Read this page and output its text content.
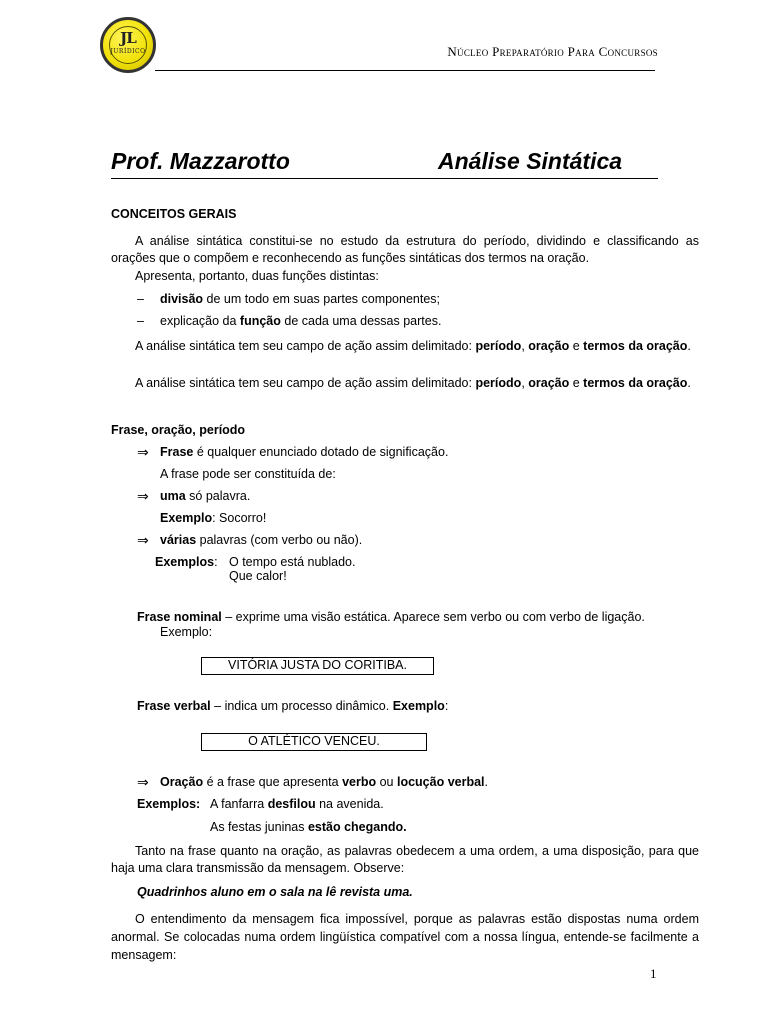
JL
JURÍDICO	Núcleo Preparatório Para Concursos
Prof. Mazzarotto	Análise Sintática
CONCEITOS GERAIS
A análise sintática constitui-se no estudo da estrutura do período, dividindo e classificando as orações que o compõem e reconhecendo as funções sintáticas dos termos na oração.
Apresenta, portanto, duas funções distintas:
– divisão de um todo em suas partes componentes;
– explicação da função de cada uma dessas partes.
A análise sintática tem seu campo de ação assim delimitado: período, oração e termos da oração.
A análise sintática tem seu campo de ação assim delimitado: período, oração e termos da oração.
Frase, oração, período
⇒ Frase é qualquer enunciado dotado de significação.
A frase pode ser constituída de:
⇒ uma só palavra.
Exemplo: Socorro!
⇒ várias palavras (com verbo ou não).
Exemplos: O tempo está nublado.
Que calor!
Frase nominal – exprime uma visão estática. Aparece sem verbo ou com verbo de ligação.
Exemplo:
VITÓRIA JUSTA DO CORITIBA.
Frase verbal – indica um processo dinâmico. Exemplo:
O ATLÉTICO VENCEU.
⇒ Oração é a frase que apresenta verbo ou locução verbal.
Exemplos: A fanfarra desfilou na avenida.
As festas juninas estão chegando.
Tanto na frase quanto na oração, as palavras obedecem a uma ordem, a uma disposição, para que haja uma clara transmissão da mensagem. Observe:
Quadrinhos aluno em o sala na lê revista uma.
O entendimento da mensagem fica impossível, porque as palavras estão dispostas numa ordem anormal. Se colocadas numa ordem lingüística compatível com a nossa língua, entende-se facilmente a mensagem:
1
